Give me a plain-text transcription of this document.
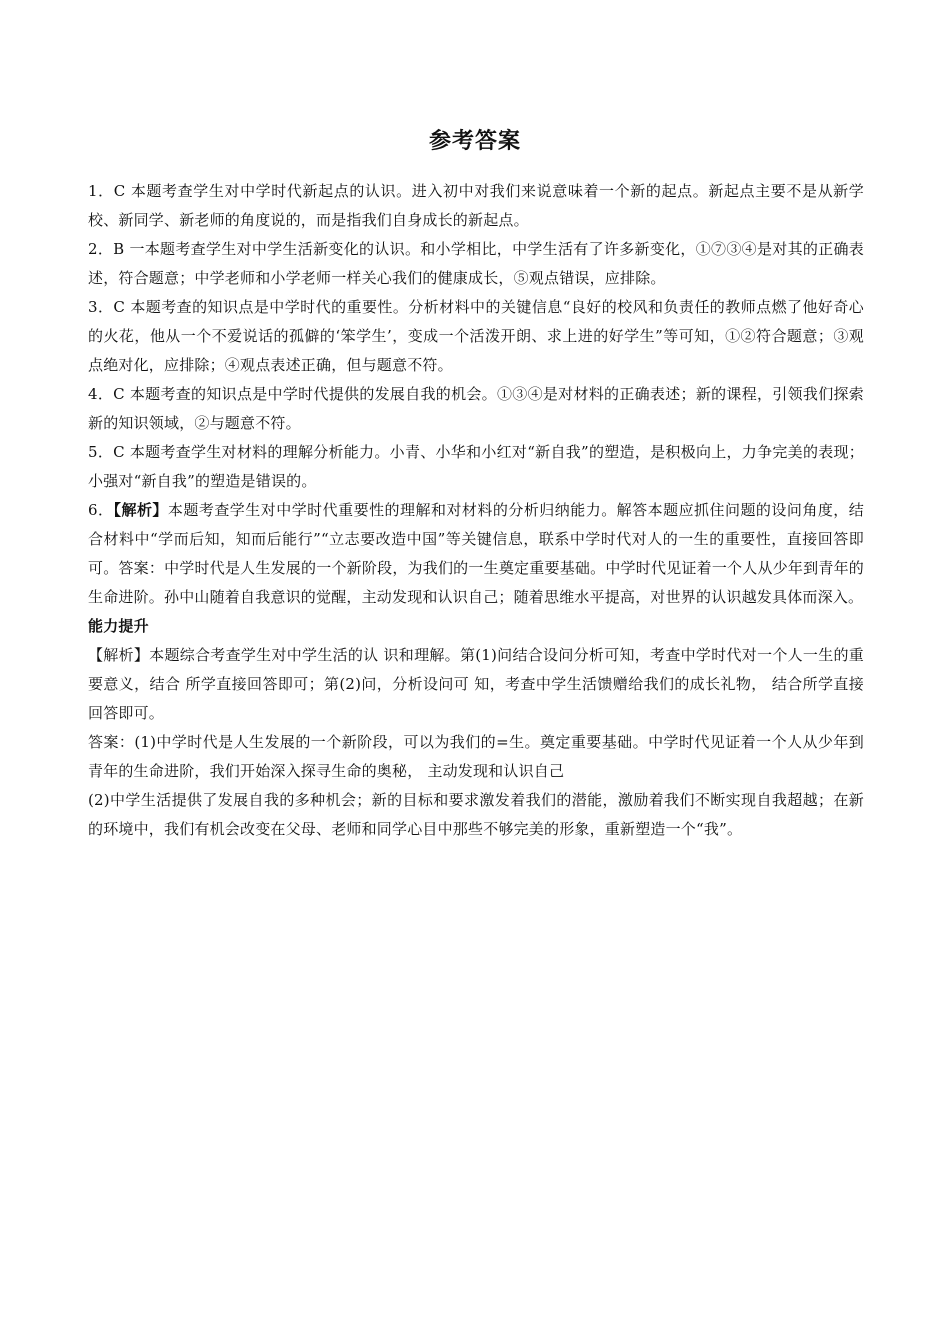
参考答案

1．C 本题考查学生对中学时代新起点的认识。进入初中对我们来说意味着一个新的起点。新起点主要不是从新学校、新同学、新老师的角度说的，而是指我们自身成长的新起点。

2．B 一本题考查学生对中学生活新变化的认识。和小学相比，中学生活有了许多新变化，①⑦③④是对其的正确表述，符合题意；中学老师和小学老师一样关心我们的健康成长，⑤观点错误，应排除。

3．C 本题考查的知识点是中学时代的重要性。分析材料中的关键信息“良好的校风和负责任的教师点燃了他好奇心的火花，他从一个不爱说话的孤僻的‘笨学生’，变成一个活泼开朗、求上进的好学生”等可知，①②符合题意；③观点绝对化，应排除；④观点表述正确，但与题意不符。

4．C 本题考查的知识点是中学时代提供的发展自我的机会。①③④是对材料的正确表述；新的课程，引领我们探索新的知识领域，②与题意不符。

5．C 本题考查学生对材料的理解分析能力。小青、小华和小红对“新自我”的塑造，是积极向上，力争完美的表现；小强对“新自我”的塑造是错误的。

6．【解析】本题考查学生对中学时代重要性的理解和对材料的分析归纳能力。解答本题应抓住问题的设问角度，结合材料中“学而后知，知而后能行”“立志要改造中国”等关键信息，联系中学时代对人的一生的重要性，直接回答即可。答案：中学时代是人生发展的一个新阶段，为我们的一生奠定重要基础。中学时代见证着一个人从少年到青年的生命进阶。孙中山随着自我意识的觉醒，主动发现和认识自己；随着思维水平提高，对世界的认识越发具体而深入。

能力提升

【解析】本题综合考查学生对中学生活的认 识和理解。第(1)问结合设问分析可知，考查中学时代对一个人一生的重要意义，结合 所学直接回答即可；第(2)问，分析设问可 知，考查中学生活馈赠给我们的成长礼物， 结合所学直接回答即可。

答案：(1)中学时代是人生发展的一个新阶段，可以为我们的=生。奠定重要基础。中学时代见证着一个人从少年到青年的生命进阶，我们开始深入探寻生命的奥秘， 主动发现和认识自己

(2)中学生活提供了发展自我的多种机会；新的目标和要求激发着我们的潜能，激励着我们不断实现自我超越；在新的环境中，我们有机会改变在父母、老师和同学心目中那些不够完美的形象，重新塑造一个“我”。
